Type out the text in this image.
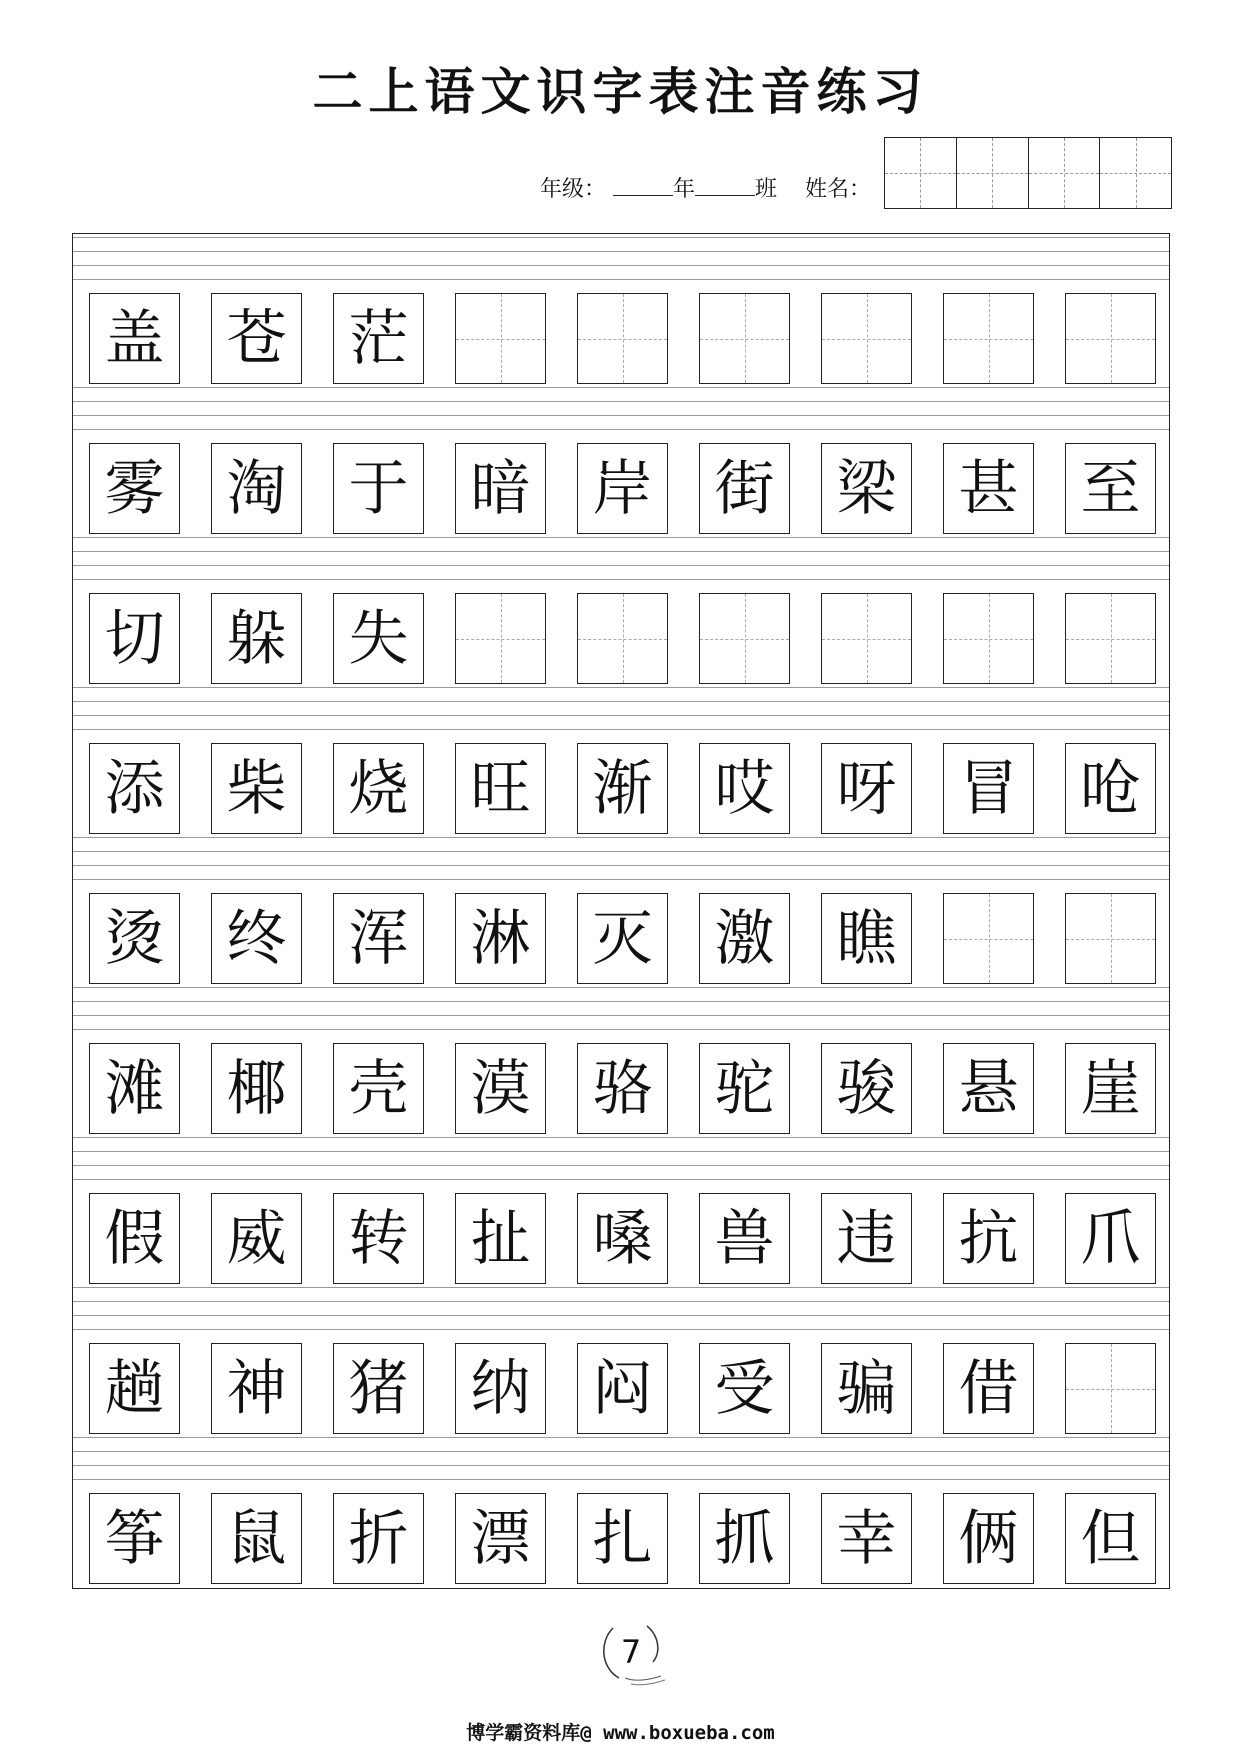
二上语文识字表注音练习
年级：	年	班 姓名：
盖 苍 茫
雾 淘 于 暗 岸 街 梁 甚 至
切 躲 失
添 柴 烧 旺 渐 哎 呀 冒 呛
烫 终 浑 淋 灭 激 瞧
滩 椰 壳 漠 骆 驼 骏 悬 崖
假 威 转 扯 嗓 兽 违 抗 爪
趟 神 猪 纳 闷 受 骗 借
筝 鼠 折 漂 扎 抓 幸 俩 但
7
博学霸资料库@ www.boxueba.com
